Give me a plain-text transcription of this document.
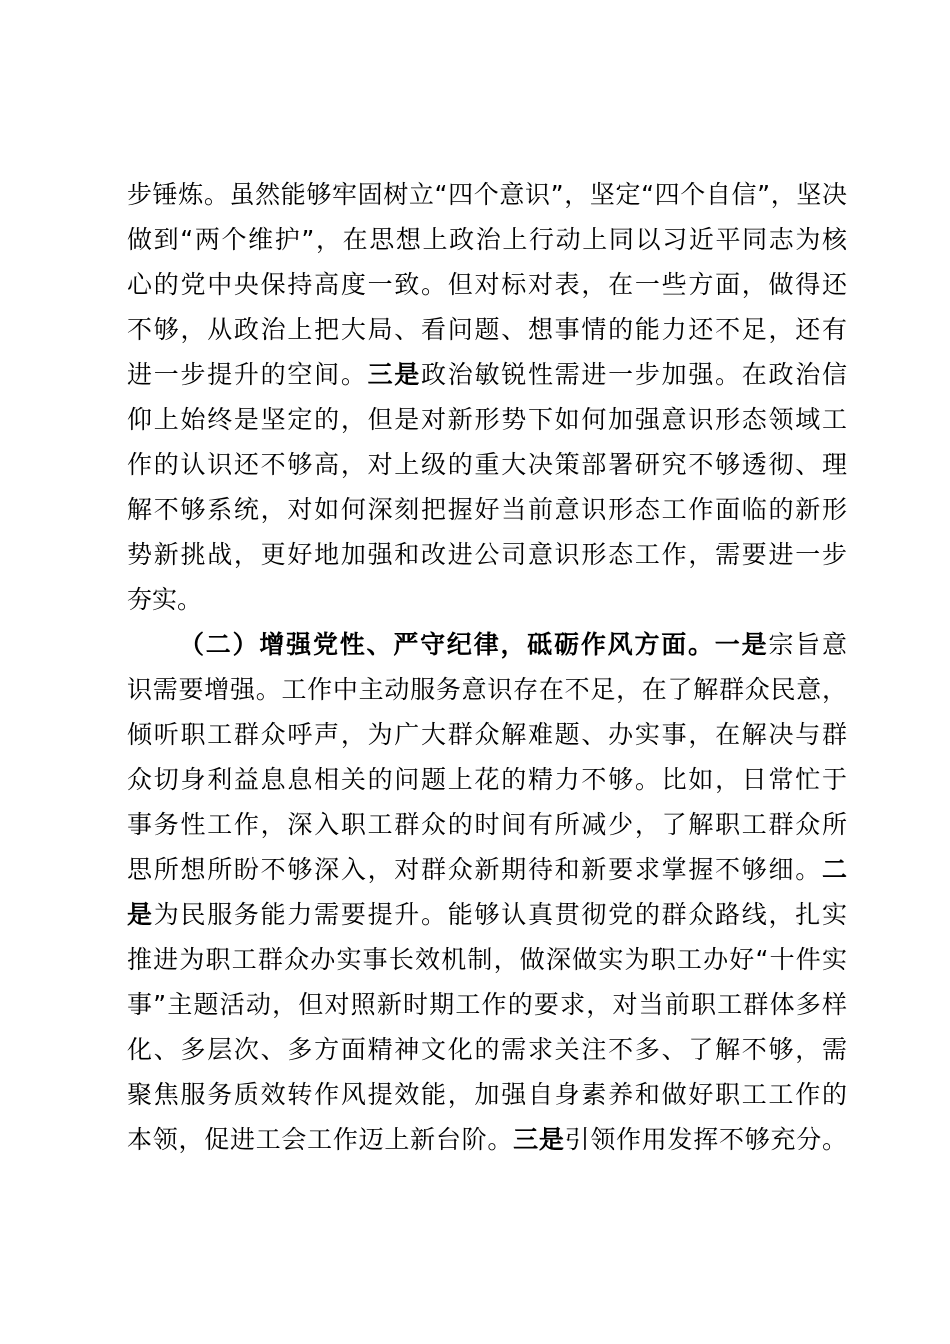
步锤炼。虽然能够牢固树立“四个意识”，坚定“四个自信”，坚决
做到“两个维护”，在思想上政治上行动上同以习近平同志为核
心的党中央保持高度一致。但对标对表，在一些方面，做得还
不够，从政治上把大局、看问题、想事情的能力还不足，还有
进一步提升的空间。三是政治敏锐性需进一步加强。在政治信
仰上始终是坚定的，但是对新形势下如何加强意识形态领域工
作的认识还不够高，对上级的重大决策部署研究不够透彻、理
解不够系统，对如何深刻把握好当前意识形态工作面临的新形
势新挑战，更好地加强和改进公司意识形态工作，需要进一步
夯实。
（二）增强党性、严守纪律，砥砺作风方面。一是宗旨意
识需要增强。工作中主动服务意识存在不足，在了解群众民意，
倾听职工群众呼声，为广大群众解难题、办实事，在解决与群
众切身利益息息相关的问题上花的精力不够。比如，日常忙于
事务性工作，深入职工群众的时间有所减少，了解职工群众所
思所想所盼不够深入，对群众新期待和新要求掌握不够细。二
是为民服务能力需要提升。能够认真贯彻党的群众路线，扎实
推进为职工群众办实事长效机制，做深做实为职工办好“十件实
事”主题活动，但对照新时期工作的要求，对当前职工群体多样
化、多层次、多方面精神文化的需求关注不多、了解不够，需
聚焦服务质效转作风提效能，加强自身素养和做好职工工作的
本领，促进工会工作迈上新台阶。三是引领作用发挥不够充分。
